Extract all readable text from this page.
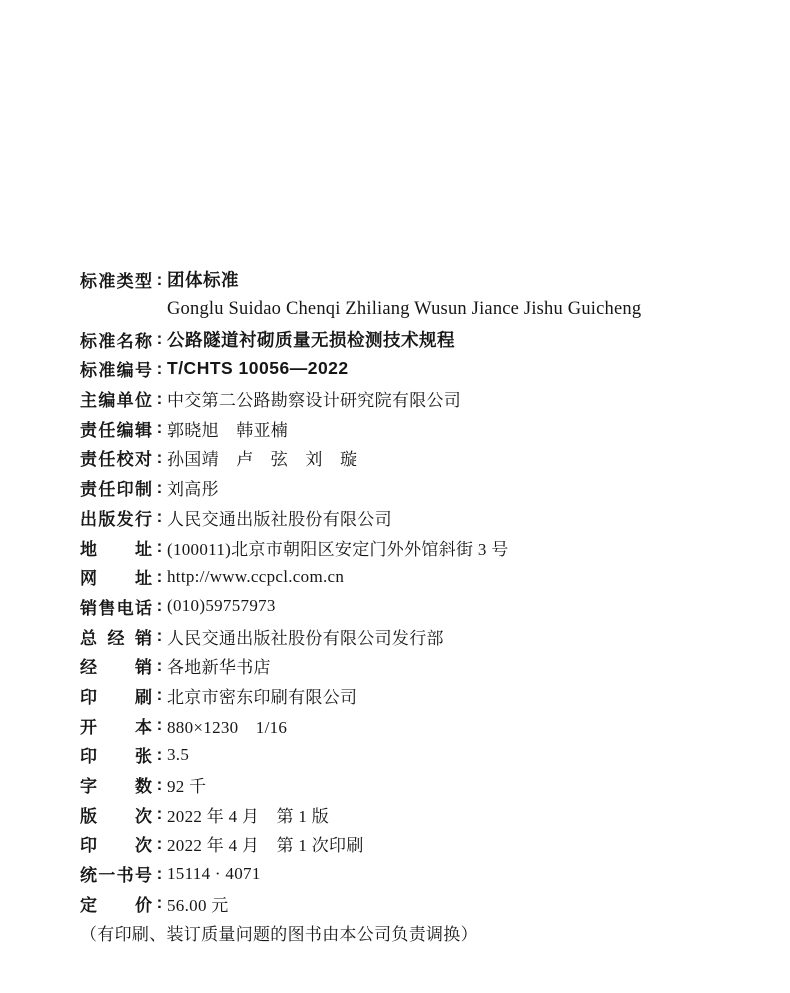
标准类型 : 团体标准
Gonglu Suidao Chenqi Zhiliang Wusun Jiance Jishu Guicheng
标准名称 : 公路隧道衬砌质量无损检测技术规程
标准编号 : T/CHTS 10056—2022
主编单位 : 中交第二公路勘察设计研究院有限公司
责任编辑 : 郭晓旭　韩亚楠
责任校对 : 孙国靖　卢　弦　刘　璇
责任印制 : 刘高彤
出版发行 : 人民交通出版社股份有限公司
地址 : (100011)北京市朝阳区安定门外外馆斜街 3 号
网址 : http://www.ccpcl.com.cn
销售电话 : (010)59757973
总经销 : 人民交通出版社股份有限公司发行部
经销 : 各地新华书店
印刷 : 北京市密东印刷有限公司
开本 : 880×1230　1/16
印张 : 3.5
字数 : 92 千
版次 : 2022 年 4 月　第 1 版
印次 : 2022 年 4 月　第 1 次印刷
统一书号 : 15114 · 4071
定价 : 56.00 元
（有印刷、装订质量问题的图书由本公司负责调换）
